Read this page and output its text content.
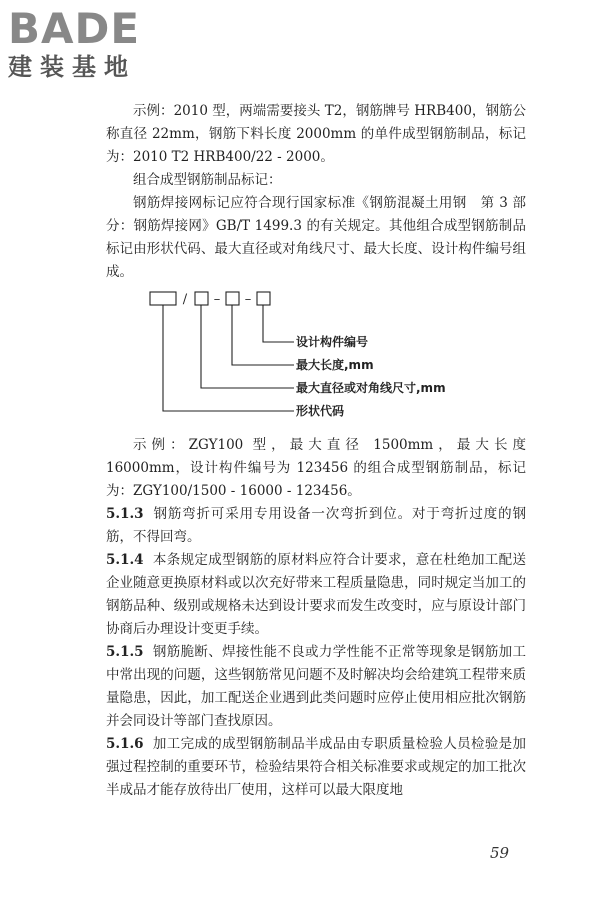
BADE
建装基地

示例：2010 型，两端需要接头 T2，钢筋牌号 HRB400，钢筋公称直径 22mm，钢筋下料长度 2000mm 的单件成型钢筋制品，标记为：2010 T2 HRB400/22 - 2000。

组合成型钢筋制品标记：

钢筋焊接网标记应符合现行国家标准《钢筋混凝土用钢　第 3 部分：钢筋焊接网》GB/T 1499.3 的有关规定。其他组合成型钢筋制品标记由形状代码、最大直径或对角线尺寸、最大长度、设计构件编号组成。

/ – –
设计构件编号
最大长度,mm
最大直径或对角线尺寸,mm
形状代码

示例：ZGY100 型，最大直径 1500mm，最大长度 16000mm，设计构件编号为 123456 的组合成型钢筋制品，标记为：ZGY100/1500 - 16000 - 123456。

5.1.3 钢筋弯折可采用专用设备一次弯折到位。对于弯折过度的钢筋，不得回弯。

5.1.4 本条规定成型钢筋的原材料应符合计要求，意在杜绝加工配送企业随意更换原材料或以次充好带来工程质量隐患，同时规定当加工的钢筋品种、级别或规格未达到设计要求而发生改变时，应与原设计部门协商后办理设计变更手续。

5.1.5 钢筋脆断、焊接性能不良或力学性能不正常等现象是钢筋加工中常出现的问题，这些钢筋常见问题不及时解决均会给建筑工程带来质量隐患，因此，加工配送企业遇到此类问题时应停止使用相应批次钢筋并会同设计等部门查找原因。

5.1.6 加工完成的成型钢筋制品半成品由专职质量检验人员检验是加强过程控制的重要环节，检验结果符合相关标准要求或规定的加工批次半成品才能存放待出厂使用，这样可以最大限度地

59
